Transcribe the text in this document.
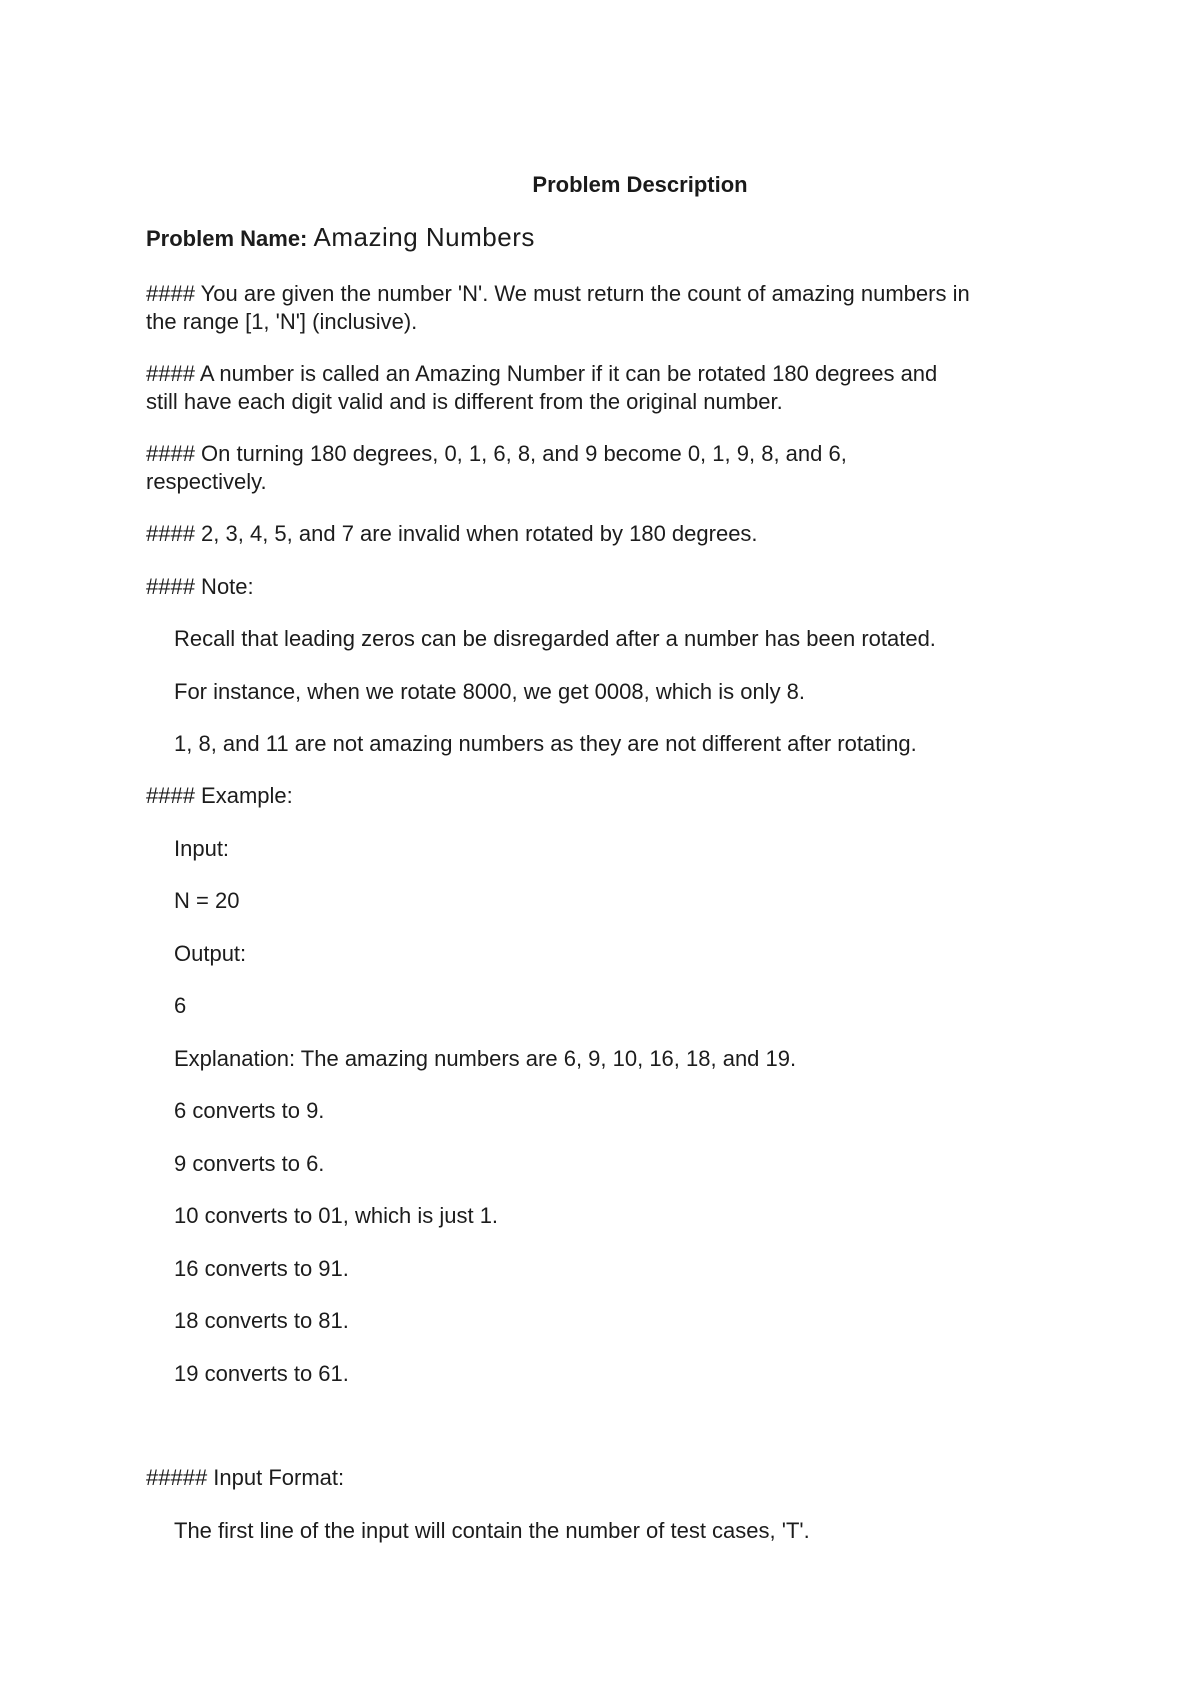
Problem Description
Problem Name: Amazing Numbers
#### You are given the number 'N'. We must return the count of amazing numbers in
the range [1, 'N'] (inclusive).
#### A number is called an Amazing Number if it can be rotated 180 degrees and
still have each digit valid and is different from the original number.
#### On turning 180 degrees, 0, 1, 6, 8, and 9 become 0, 1, 9, 8, and 6,
respectively.
#### 2, 3, 4, 5, and 7 are invalid when rotated by 180 degrees.
#### Note:
Recall that leading zeros can be disregarded after a number has been rotated.
For instance, when we rotate 8000, we get 0008, which is only 8.
1, 8, and 11 are not amazing numbers as they are not different after rotating.
#### Example:
Input:
N = 20
Output:
6
Explanation: The amazing numbers are 6, 9, 10, 16, 18, and 19.
6 converts to 9.
9 converts to 6.
10 converts to 01, which is just 1.
16 converts to 91.
18 converts to 81.
19 converts to 61.
##### Input Format:
The first line of the input will contain the number of test cases, 'T'.
